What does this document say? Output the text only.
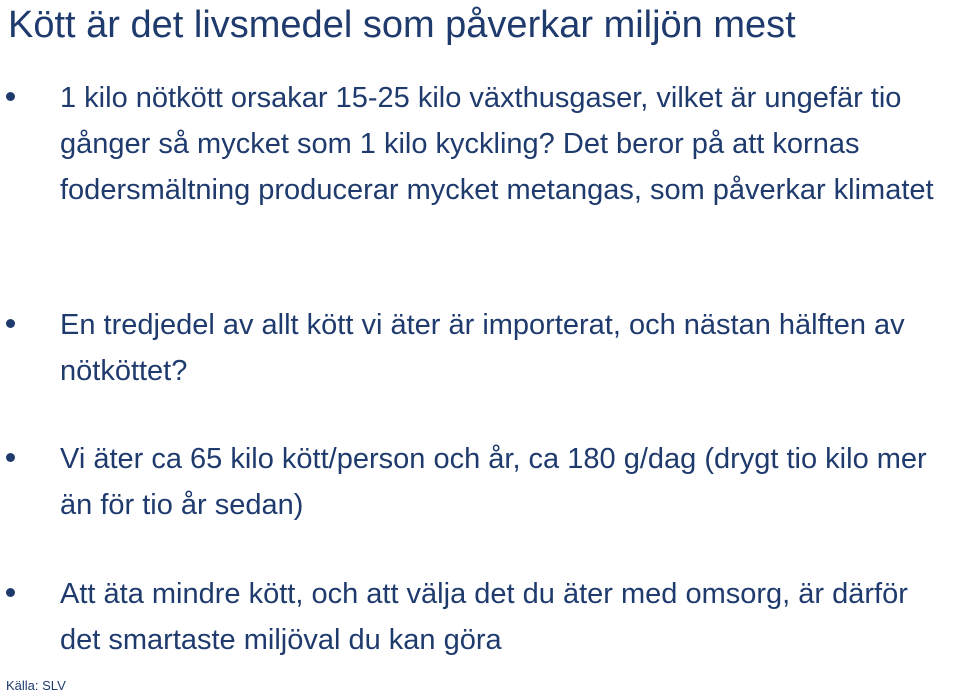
Kött är det livsmedel som påverkar miljön mest
1 kilo nötkött orsakar 15-25 kilo växthusgaser, vilket är ungefär tio gånger så mycket som 1 kilo kyckling? Det beror på att kornas fodersmältning producerar mycket metangas, som påverkar klimatet
En tredjedel av allt kött vi äter är importerat, och nästan hälften av nötköttet?
Vi äter ca 65 kilo kött/person och år, ca 180 g/dag (drygt tio kilo mer än för tio år sedan)
Att äta mindre kött, och att välja det du äter med omsorg, är därför det smartaste miljöval du kan göra
Källa: SLV
